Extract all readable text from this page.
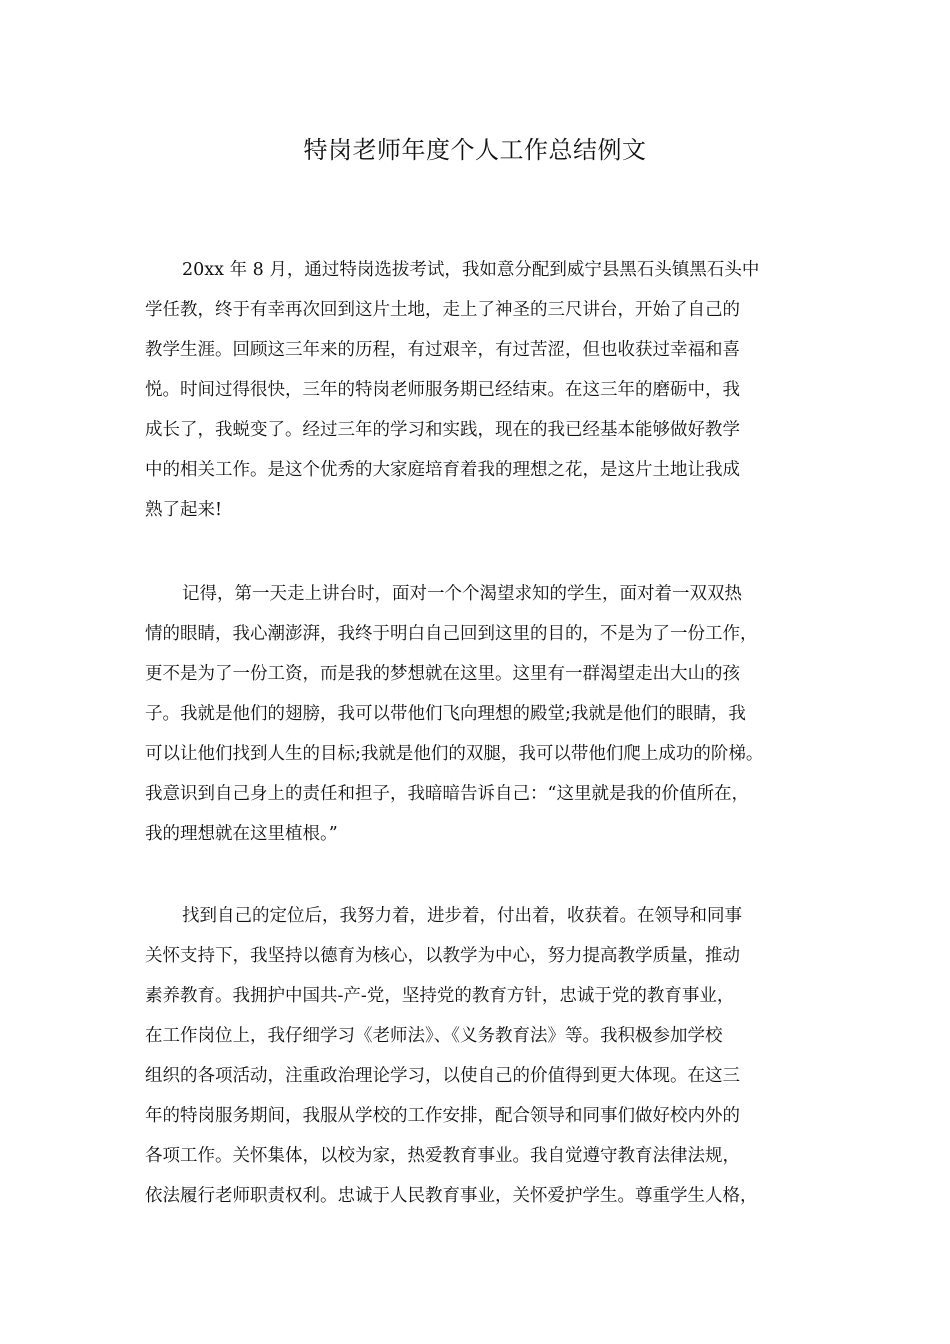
特岗老师年度个人工作总结例文
20xx 年 8 月，通过特岗选拔考试，我如意分配到威宁县黑石头镇黑石头中
学任教，终于有幸再次回到这片土地，走上了神圣的三尺讲台，开始了自己的
教学生涯。回顾这三年来的历程，有过艰辛，有过苦涩，但也收获过幸福和喜
悦。时间过得很快，三年的特岗老师服务期已经结束。在这三年的磨砺中，我
成长了，我蜕变了。经过三年的学习和实践，现在的我已经基本能够做好教学
中的相关工作。是这个优秀的大家庭培育着我的理想之花，是这片土地让我成
熟了起来!
记得，第一天走上讲台时，面对一个个渴望求知的学生，面对着一双双热
情的眼睛，我心潮澎湃，我终于明白自己回到这里的目的，不是为了一份工作，
更不是为了一份工资，而是我的梦想就在这里。这里有一群渴望走出大山的孩
子。我就是他们的翅膀，我可以带他们飞向理想的殿堂;我就是他们的眼睛，我
可以让他们找到人生的目标;我就是他们的双腿，我可以带他们爬上成功的阶梯。
我意识到自己身上的责任和担子，我暗暗告诉自己：“这里就是我的价值所在，
我的理想就在这里植根。”
找到自己的定位后，我努力着，进步着，付出着，收获着。在领导和同事
关怀支持下，我坚持以德育为核心，以教学为中心，努力提高教学质量，推动
素养教育。我拥护中国共-产-党，坚持党的教育方针，忠诚于党的教育事业，
在工作岗位上，我仔细学习《老师法》、《义务教育法》等。我积极参加学校
组织的各项活动，注重政治理论学习，以使自己的价值得到更大体现。在这三
年的特岗服务期间，我服从学校的工作安排，配合领导和同事们做好校内外的
各项工作。关怀集体，以校为家，热爱教育事业。我自觉遵守教育法律法规，
依法履行老师职责权利。忠诚于人民教育事业，关怀爱护学生。尊重学生人格，
